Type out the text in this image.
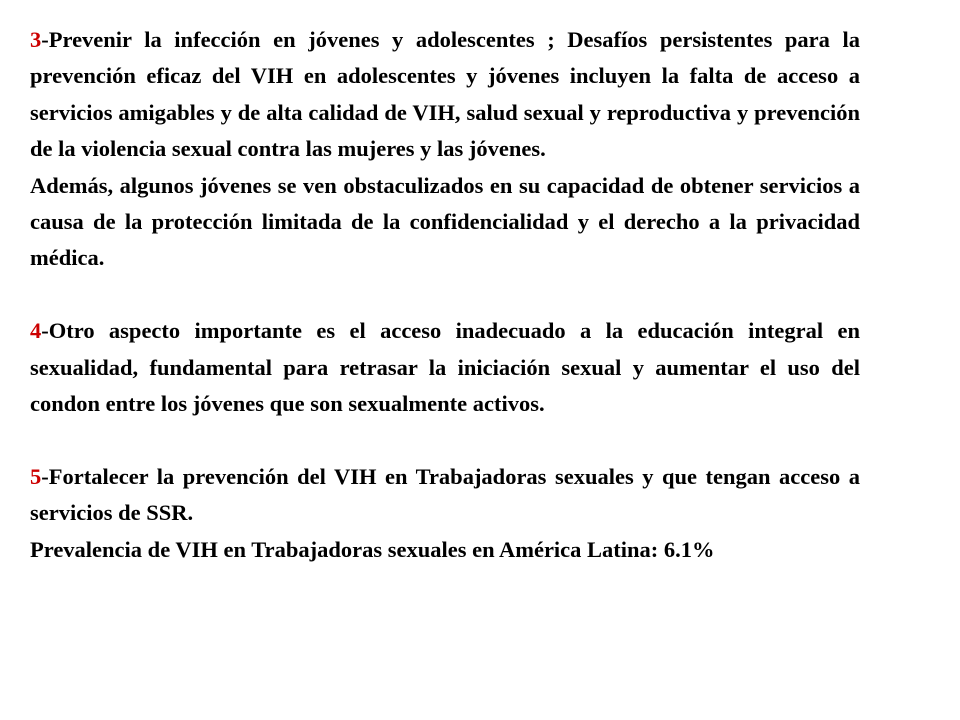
3-Prevenir la infección en jóvenes y adolescentes ; Desafíos persistentes para la prevención eficaz del VIH en adolescentes y jóvenes incluyen la falta de acceso a servicios amigables y de alta calidad de VIH, salud sexual y reproductiva y prevención de la violencia sexual contra las mujeres y las jóvenes.

Además, algunos jóvenes se ven obstaculizados en su capacidad de obtener servicios a causa de la protección limitada de la confidencialidad y el derecho a la privacidad médica.

4-Otro aspecto importante es el acceso inadecuado a la educación integral en sexualidad, fundamental para retrasar la iniciación sexual y aumentar el uso del condon entre los jóvenes que son sexualmente activos.

5-Fortalecer la prevención del VIH en Trabajadoras sexuales y que tengan acceso a servicios de SSR.

Prevalencia de VIH en Trabajadoras sexuales en América Latina: 6.1%
